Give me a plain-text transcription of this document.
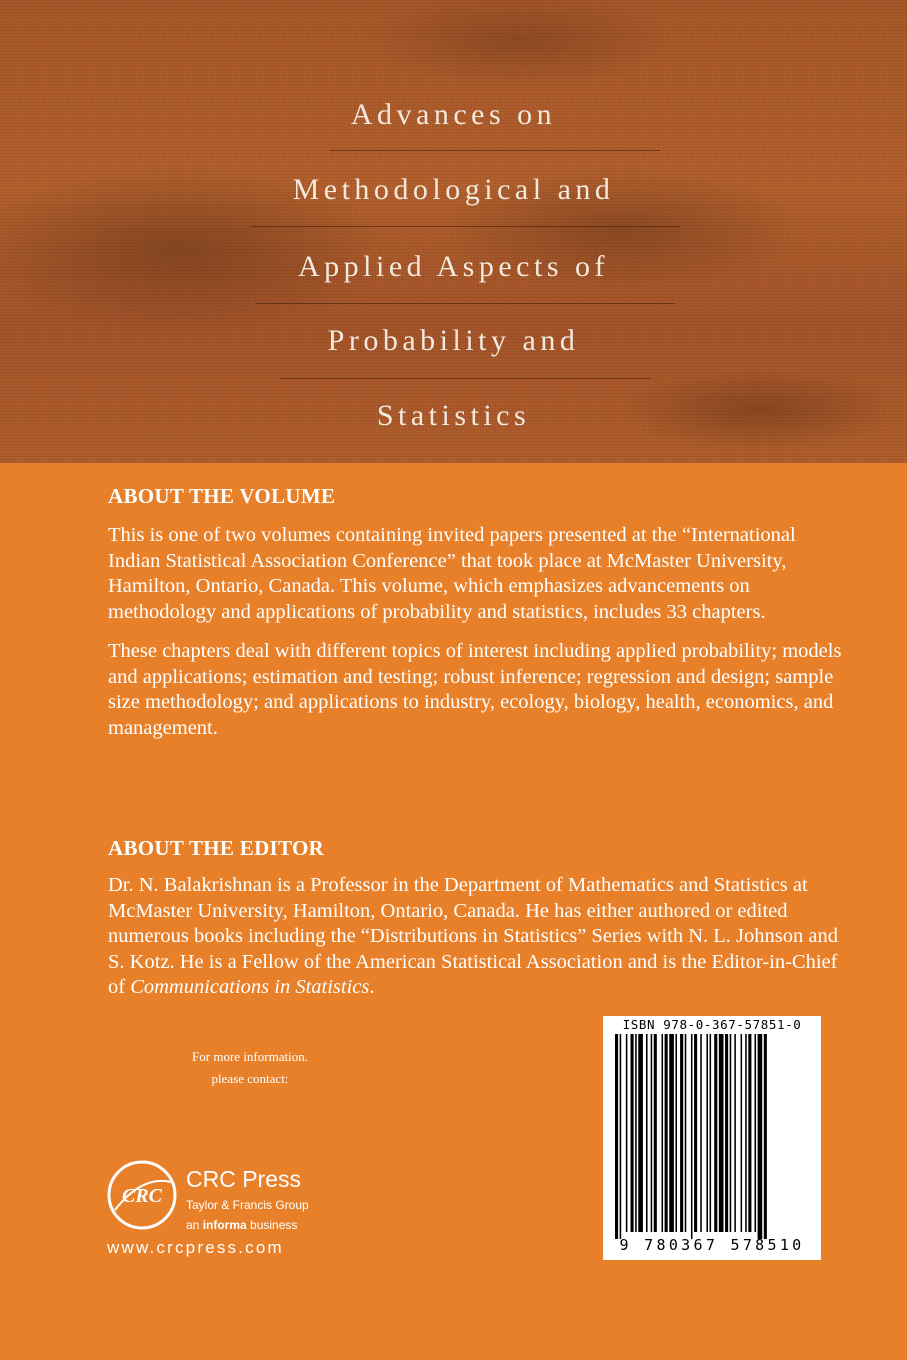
Advances on
Methodological and
Applied Aspects of
Probability and
Statistics
ABOUT THE VOLUME

This is one of two volumes containing invited papers presented at the “International Indian Statistical Association Conference” that took place at McMaster University, Hamilton, Ontario, Canada. This volume, which emphasizes advancements on methodology and applications of probability and statistics, includes 33 chapters.

These chapters deal with different topics of interest including applied probability; models and applications; estimation and testing; robust inference; regression and design; sample size methodology; and applications to industry, ecology, biology, health, economics, and management.

ABOUT THE EDITOR

Dr. N. Balakrishnan is a Professor in the Department of Mathematics and Statistics at McMaster University, Hamilton, Ontario, Canada. He has either authored or edited numerous books including the “Distributions in Statistics” Series with N. L. Johnson and S. Kotz. He is a Fellow of the American Statistical Association and is the Editor-in-Chief of Communications in Statistics.

For more information.
please contact:
CRC
CRC Press
Taylor & Francis Group
an informa business
www.crcpress.com
ISBN 978-0-367-57851-0
9 780367 578510
